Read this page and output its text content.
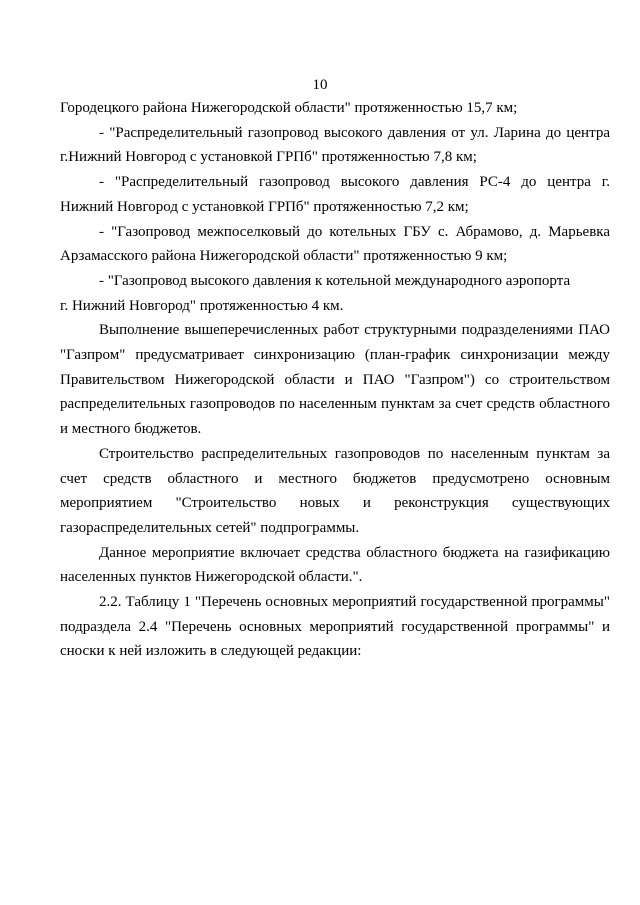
10

Городецкого района Нижегородской области" протяженностью 15,7 км;

- "Распределительный газопровод высокого давления от ул. Ларина до центра г.Нижний Новгород с установкой ГРПб" протяженностью 7,8 км;

- "Распределительный газопровод высокого давления РС-4 до центра г. Нижний Новгород с установкой ГРПб" протяженностью 7,2 км;

- "Газопровод межпоселковый до котельных ГБУ с. Абрамово, д. Марьевка Арзамасского района Нижегородской области" протяженностью 9 км;

- "Газопровод высокого давления к котельной международного аэропорта

г. Нижний Новгород" протяженностью 4 км.

Выполнение вышеперечисленных работ структурными подразделениями ПАО "Газпром" предусматривает синхронизацию (план-график синхронизации между Правительством Нижегородской области и ПАО "Газпром") со строительством распределительных газопроводов по населенным пунктам за счет средств областного и местного бюджетов.

Строительство распределительных газопроводов по населенным пунктам за счет средств областного и местного бюджетов предусмотрено основным мероприятием "Строительство новых и реконструкция существующих газораспределительных сетей" подпрограммы.

Данное мероприятие включает средства областного бюджета на газификацию населенных пунктов Нижегородской области.".

2.2. Таблицу 1 "Перечень основных мероприятий государственной программы" подраздела 2.4 "Перечень основных мероприятий государственной программы" и сноски к ней изложить в следующей редакции:
